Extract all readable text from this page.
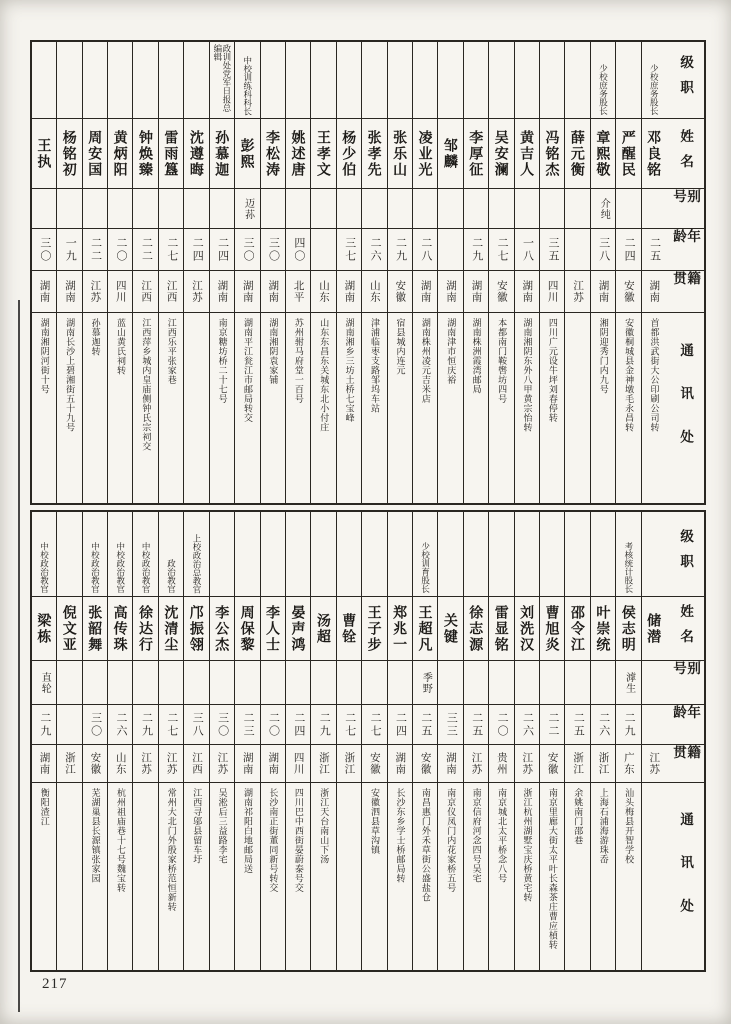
级职
姓名
别号
年龄
籍贯
通讯处
少校庶务股长
邓良铭
二五
湖南
首都洪武街大公印刷公司转
严醒民
二四
安徽
安徽桐城县金神墩毛永昌转
少校庶务股长
章熙敬
介纯
三八
湖南
湘阴迎秀门内九号
薛元衡
江苏
冯铭杰
三五
四川
四川广元设牛坪刘春停转
黄吉人
一八
湖南
湖南湘阴东外八甲黄宗怡转
吴安澜
二七
安徽
本都南门鞍辔坊四号
李厚征
二九
湖南
湖南株洲霞湾邮局
邹麟
湖南
湖南津市恒庆裕
凌业光
二八
湖南
湖南株州凌元吉米店
张乐山
二九
安徽
宿县城内连元
张孝先
二六
山东
津浦临枣支路邹坞车站
杨少伯
三七
湖南
湖南湘乡三坊土桥七宝峰
王孝文
山东
山东东昌东关城东北小付庄
姚述唐
四〇
北平
苏州驸马府堂一百号
李松涛
三〇
湖南
湖南湘阴袁家铺
中校训练科科长
彭熙
迈荪
三〇
湖南
湖南平江瓮江市邮局转交
政训处党军日报总编辑
孙慕迦
二四
湖南
南京糖坊桥二十七号
沈遵晦
二四
江苏
雷雨簋
二七
江西
江西乐平张家巷
钟焕臻
二二
江西
江西萍乡城内皇庙侧钟氏宗祠交
黄炳阳
二〇
四川
蓝山黄氏祠转
周安国
二二
江苏
孙慕迦转
杨铭初
一九
湖南
湖南长沙上碧湘街五十九号
王执
三〇
湖南
湖南湘阴河街十号
级职
姓名
别号
年龄
籍贯
通讯处
储潜
江苏
考核统计股长
侯志明
滹生
二九
广东
汕头梅县开智学校
叶崇统
二六
浙江
上海石浦海游珠岙
邵令江
二五
浙江
余姚南门邵巷
曹旭炎
二二
安徽
南京里廊大街太平叶长森茶庄曹应楨转
刘洗汉
二六
江苏
浙江杭州湖墅宝庆桥黄宅转
雷显铭
二〇
贵州
南京城北太平桥念八号
徐志源
二五
江苏
南京信府河念四号吴宅
关键
三三
湖南
南京仪凤门内花家桥五号
少校训育股长
王超凡
季野
二五
安徽
南昌惠门外禾草街公盛盐仓
郑兆一
二四
湖南
长沙东乡学士桥邮局转
王子步
二七
安徽
安徽泗县草沟镇
曹铨
二七
浙江
汤超
二九
浙江
浙江天台南山下汤
晏声鸿
二四
四川
四川巴中西街晏蔚泰号交
李人士
二〇
湖南
长沙南正街董同新号转交
周保黎
二三
湖南
湖南祁阳白地邮局送
李公杰
三〇
江苏
吴淞后三益路李宅
上校政治总教官
邝振翎
三八
江西
江西寻邬县留车圩
政治教官
沈清尘
二七
江苏
常州大北门外殷家桥范恒新转
中校政治教官
徐达行
二九
江苏
中校政治教官
高传珠
二六
山东
杭州祖庙巷十七号魏宝转
中校政治教官
张韶舞
三〇
安徽
芜湖巢县长源镇张家园
倪文亚
浙江
中校政治教官
梁栋
直轮
二九
湖南
衡阳渣江
217
